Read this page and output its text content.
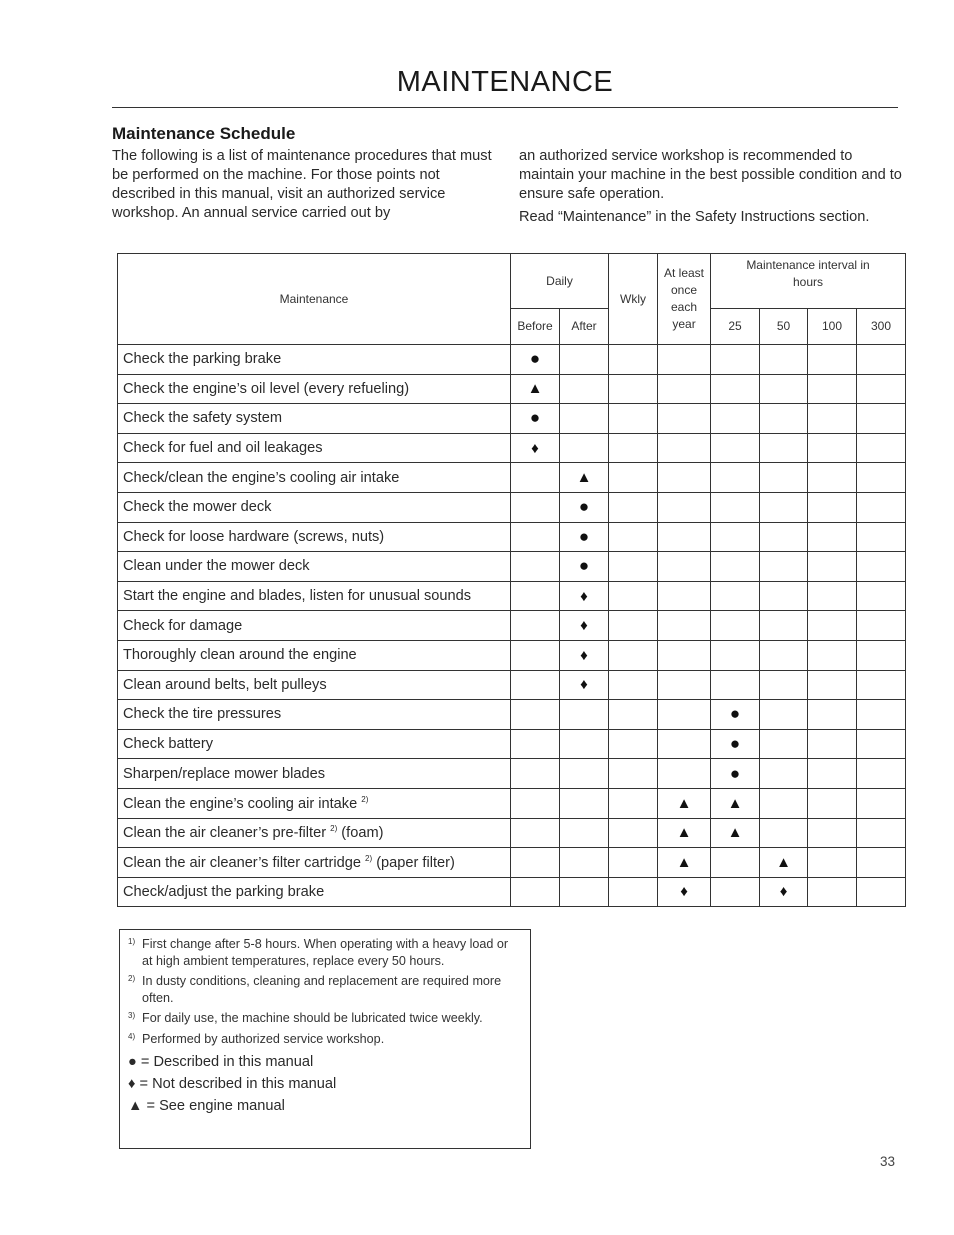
MAINTENANCE
Maintenance Schedule

The following is a list of maintenance procedures that must be performed on the machine. For those points not described in this manual, visit an authorized service workshop. An annual service carried out by

an authorized service workshop is recommended to maintain your machine in the best possible condition and to ensure safe operation.

Read “Maintenance” in the Safety Instructions section.

Maintenance	Daily		Wkly	At least once each year	Maintenance interval in hours			
	Before	After			25	50	100	300
Check the parking brake	●							
Check the engine’s oil level (every refueling)	▲							
Check the safety system	●							
Check for fuel and oil leakages	♦							
Check/clean the engine’s cooling air intake		▲						
Check the mower deck		●						
Check for loose hardware (screws, nuts)		●						
Clean under the mower deck		●						
Start the engine and blades, listen for unusual sounds		♦						
Check for damage		♦						
Thoroughly clean around the engine		♦						
Clean around belts, belt pulleys		♦						
Check the tire pressures					●			
Check battery					●			
Sharpen/replace mower blades					●			
Clean the engine’s cooling air intake $^{2)}$				▲	▲			
Clean the air cleaner’s pre-filter $^{2)}$ (foam)				▲	▲			
Clean the air cleaner’s filter cartridge $^{2)}$ (paper filter)				▲		▲		
Check/adjust the parking brake				♦		♦		
1) First change after 5-8 hours. When operating with a heavy load or at high ambient temperatures, replace every 50 hours.
2) In dusty conditions, cleaning and replacement are required more often.
3) For daily use, the machine should be lubricated twice weekly.
4) Performed by authorized service workshop.
● = Described in this manual
♦ = Not described in this manual
▲ = See engine manual
33
